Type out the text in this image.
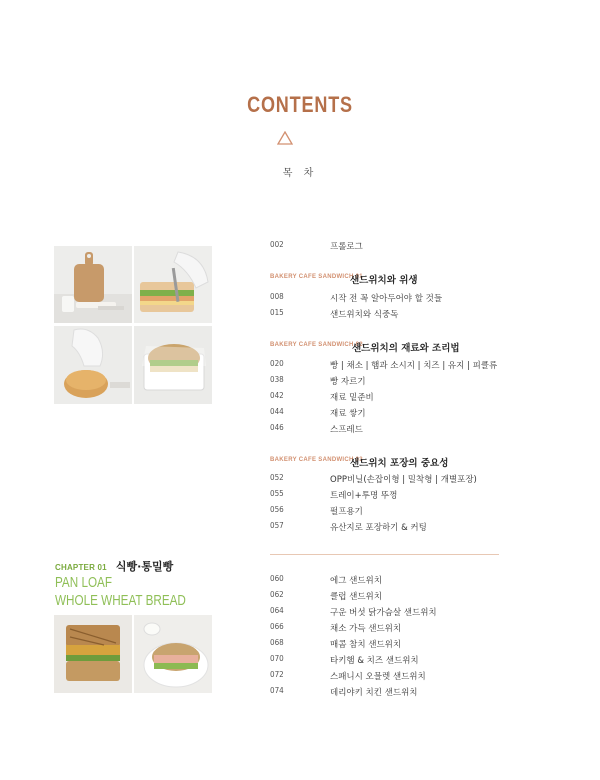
CONTENTS
목 차
002	프롤로그
BAKERY CAFE SANDWICH 01
샌드위치와 위생
008	시작 전 꼭 알아두어야 할 것들
015	샌드위치와 식중독
BAKERY CAFE SANDWICH 02
샌드위치의 재료와 조리법
020	빵 | 채소 | 햄과 소시지 | 치즈 | 유지 | 피클류
038	빵 자르기
042	재료 밑준비
044	재료 쌓기
046	스프레드
BAKERY CAFE SANDWICH 03
샌드위치 포장의 중요성
052	OPP비닐(손잡이형 | 밀착형 | 개별포장)
055	트레이+투명 뚜껑
056	펄프용기
057	유산지로 포장하기 & 커팅
060	에그 샌드위치
062	클럽 샌드위치
064	구운 버섯 닭가슴살 샌드위치
066	채소 가득 샌드위치
068	매콤 참치 샌드위치
070	타키햄 & 치즈 샌드위치
072	스패니시 오믈렛 샌드위치
074	데리야키 치킨 샌드위치
CHAPTER 01 식빵·통밀빵
PAN LOAF
WHOLE WHEAT BREAD
